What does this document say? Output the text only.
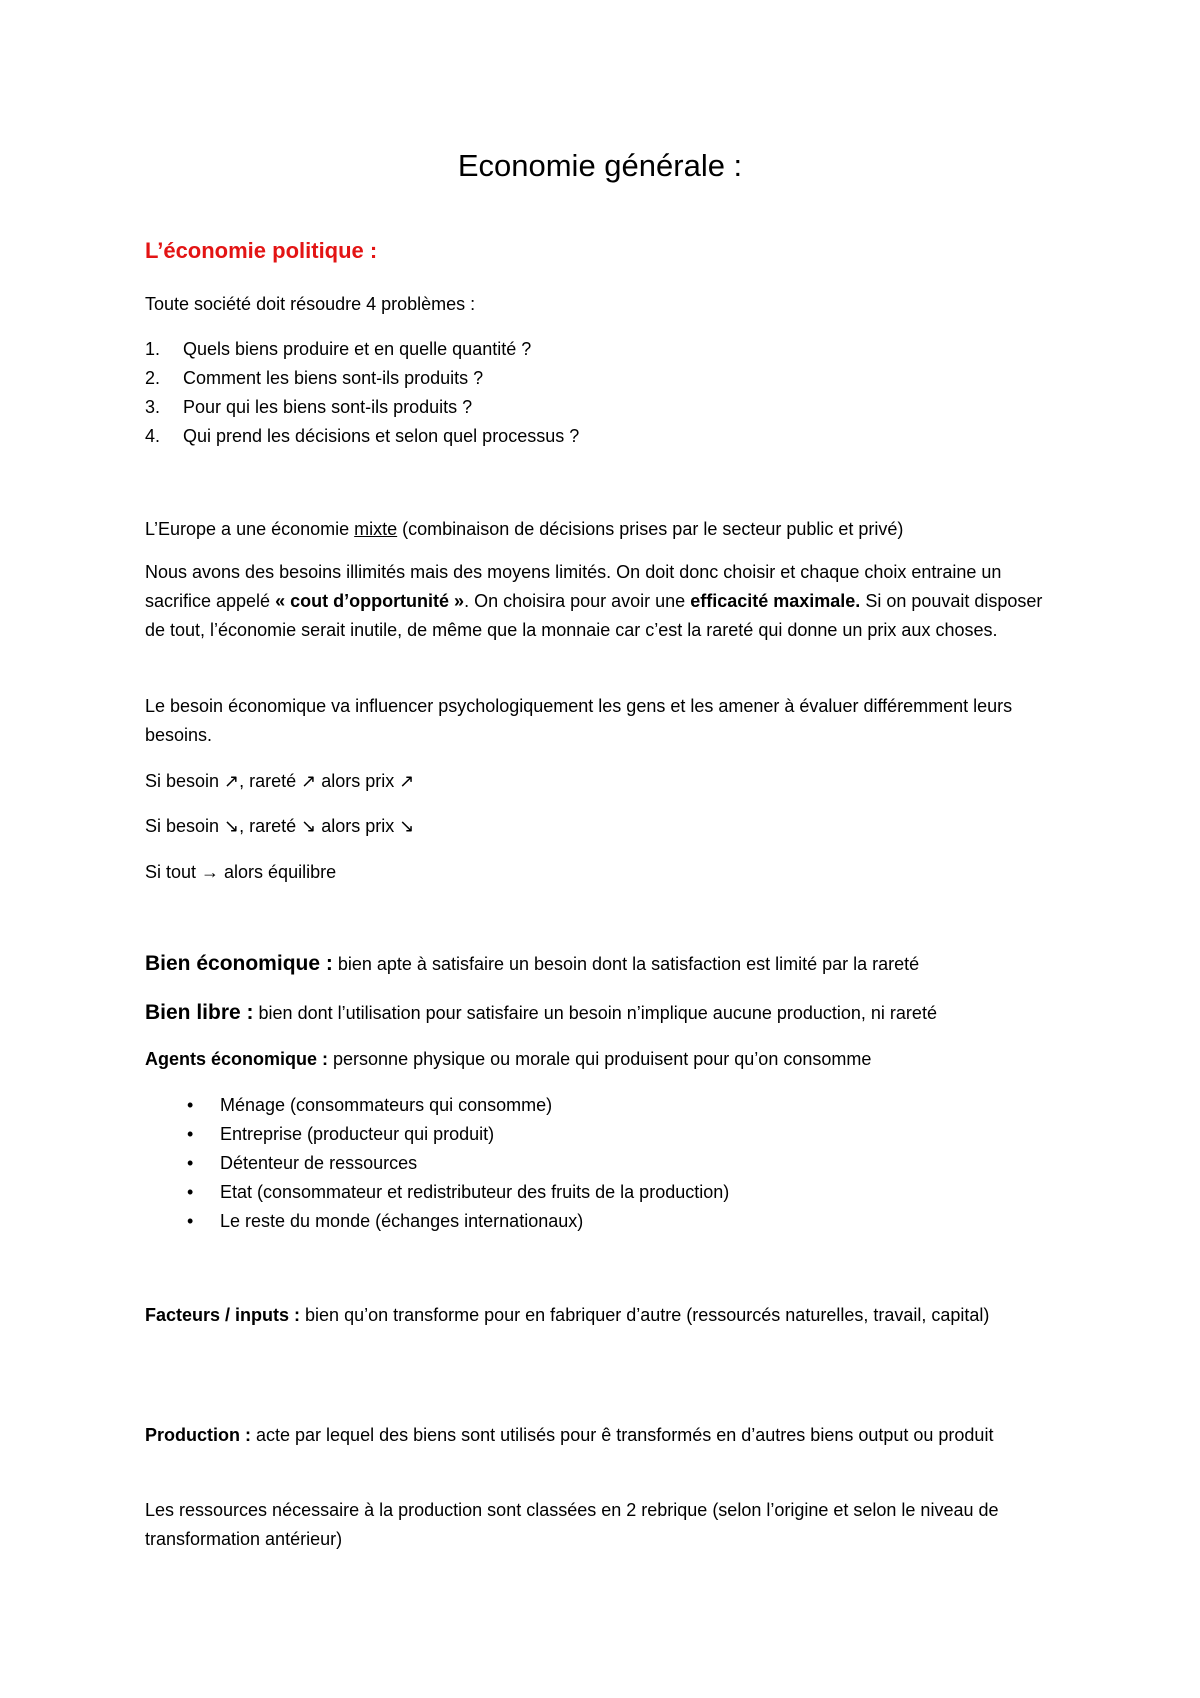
Economie générale :
L’économie politique :

Toute société doit résoudre 4 problèmes :

1. Quels biens produire et en quelle quantité ?
2. Comment les biens sont-ils produits ?
3. Pour qui les biens sont-ils produits ?
4. Qui prend les décisions et selon quel processus ?

L’Europe a une économie mixte (combinaison de décisions prises par le secteur public et privé)

Nous avons des besoins illimités mais des moyens limités. On doit donc choisir et chaque choix entraine un sacrifice appelé « cout d’opportunité ». On choisira pour avoir une efficacité maximale. Si on pouvait disposer de tout, l’économie serait inutile, de même que la monnaie car c’est la rareté qui donne un prix aux choses.

Le besoin économique va influencer psychologiquement les gens et les amener à évaluer différemment leurs besoins.

Si besoin ↗, rareté ↗ alors prix ↗

Si besoin ↘, rareté ↘ alors prix ↘

Si tout → alors équilibre

Bien économique : bien apte à satisfaire un besoin dont la satisfaction est limité par la rareté

Bien libre : bien dont l’utilisation pour satisfaire un besoin n’implique aucune production, ni rareté

Agents économique : personne physique ou morale qui produisent pour qu’on consomme

• Ménage (consommateurs qui consomme)
• Entreprise (producteur qui produit)
• Détenteur de ressources
• Etat (consommateur et redistributeur des fruits de la production)
• Le reste du monde (échanges internationaux)

Facteurs / inputs : bien qu’on transforme pour en fabriquer d’autre (ressourcés naturelles, travail, capital)

Production : acte par lequel des biens sont utilisés pour ê transformés en d’autres biens output ou produit

Les ressources nécessaire à la production sont classées en 2 rebrique (selon l’origine et selon le niveau de transformation antérieur)
